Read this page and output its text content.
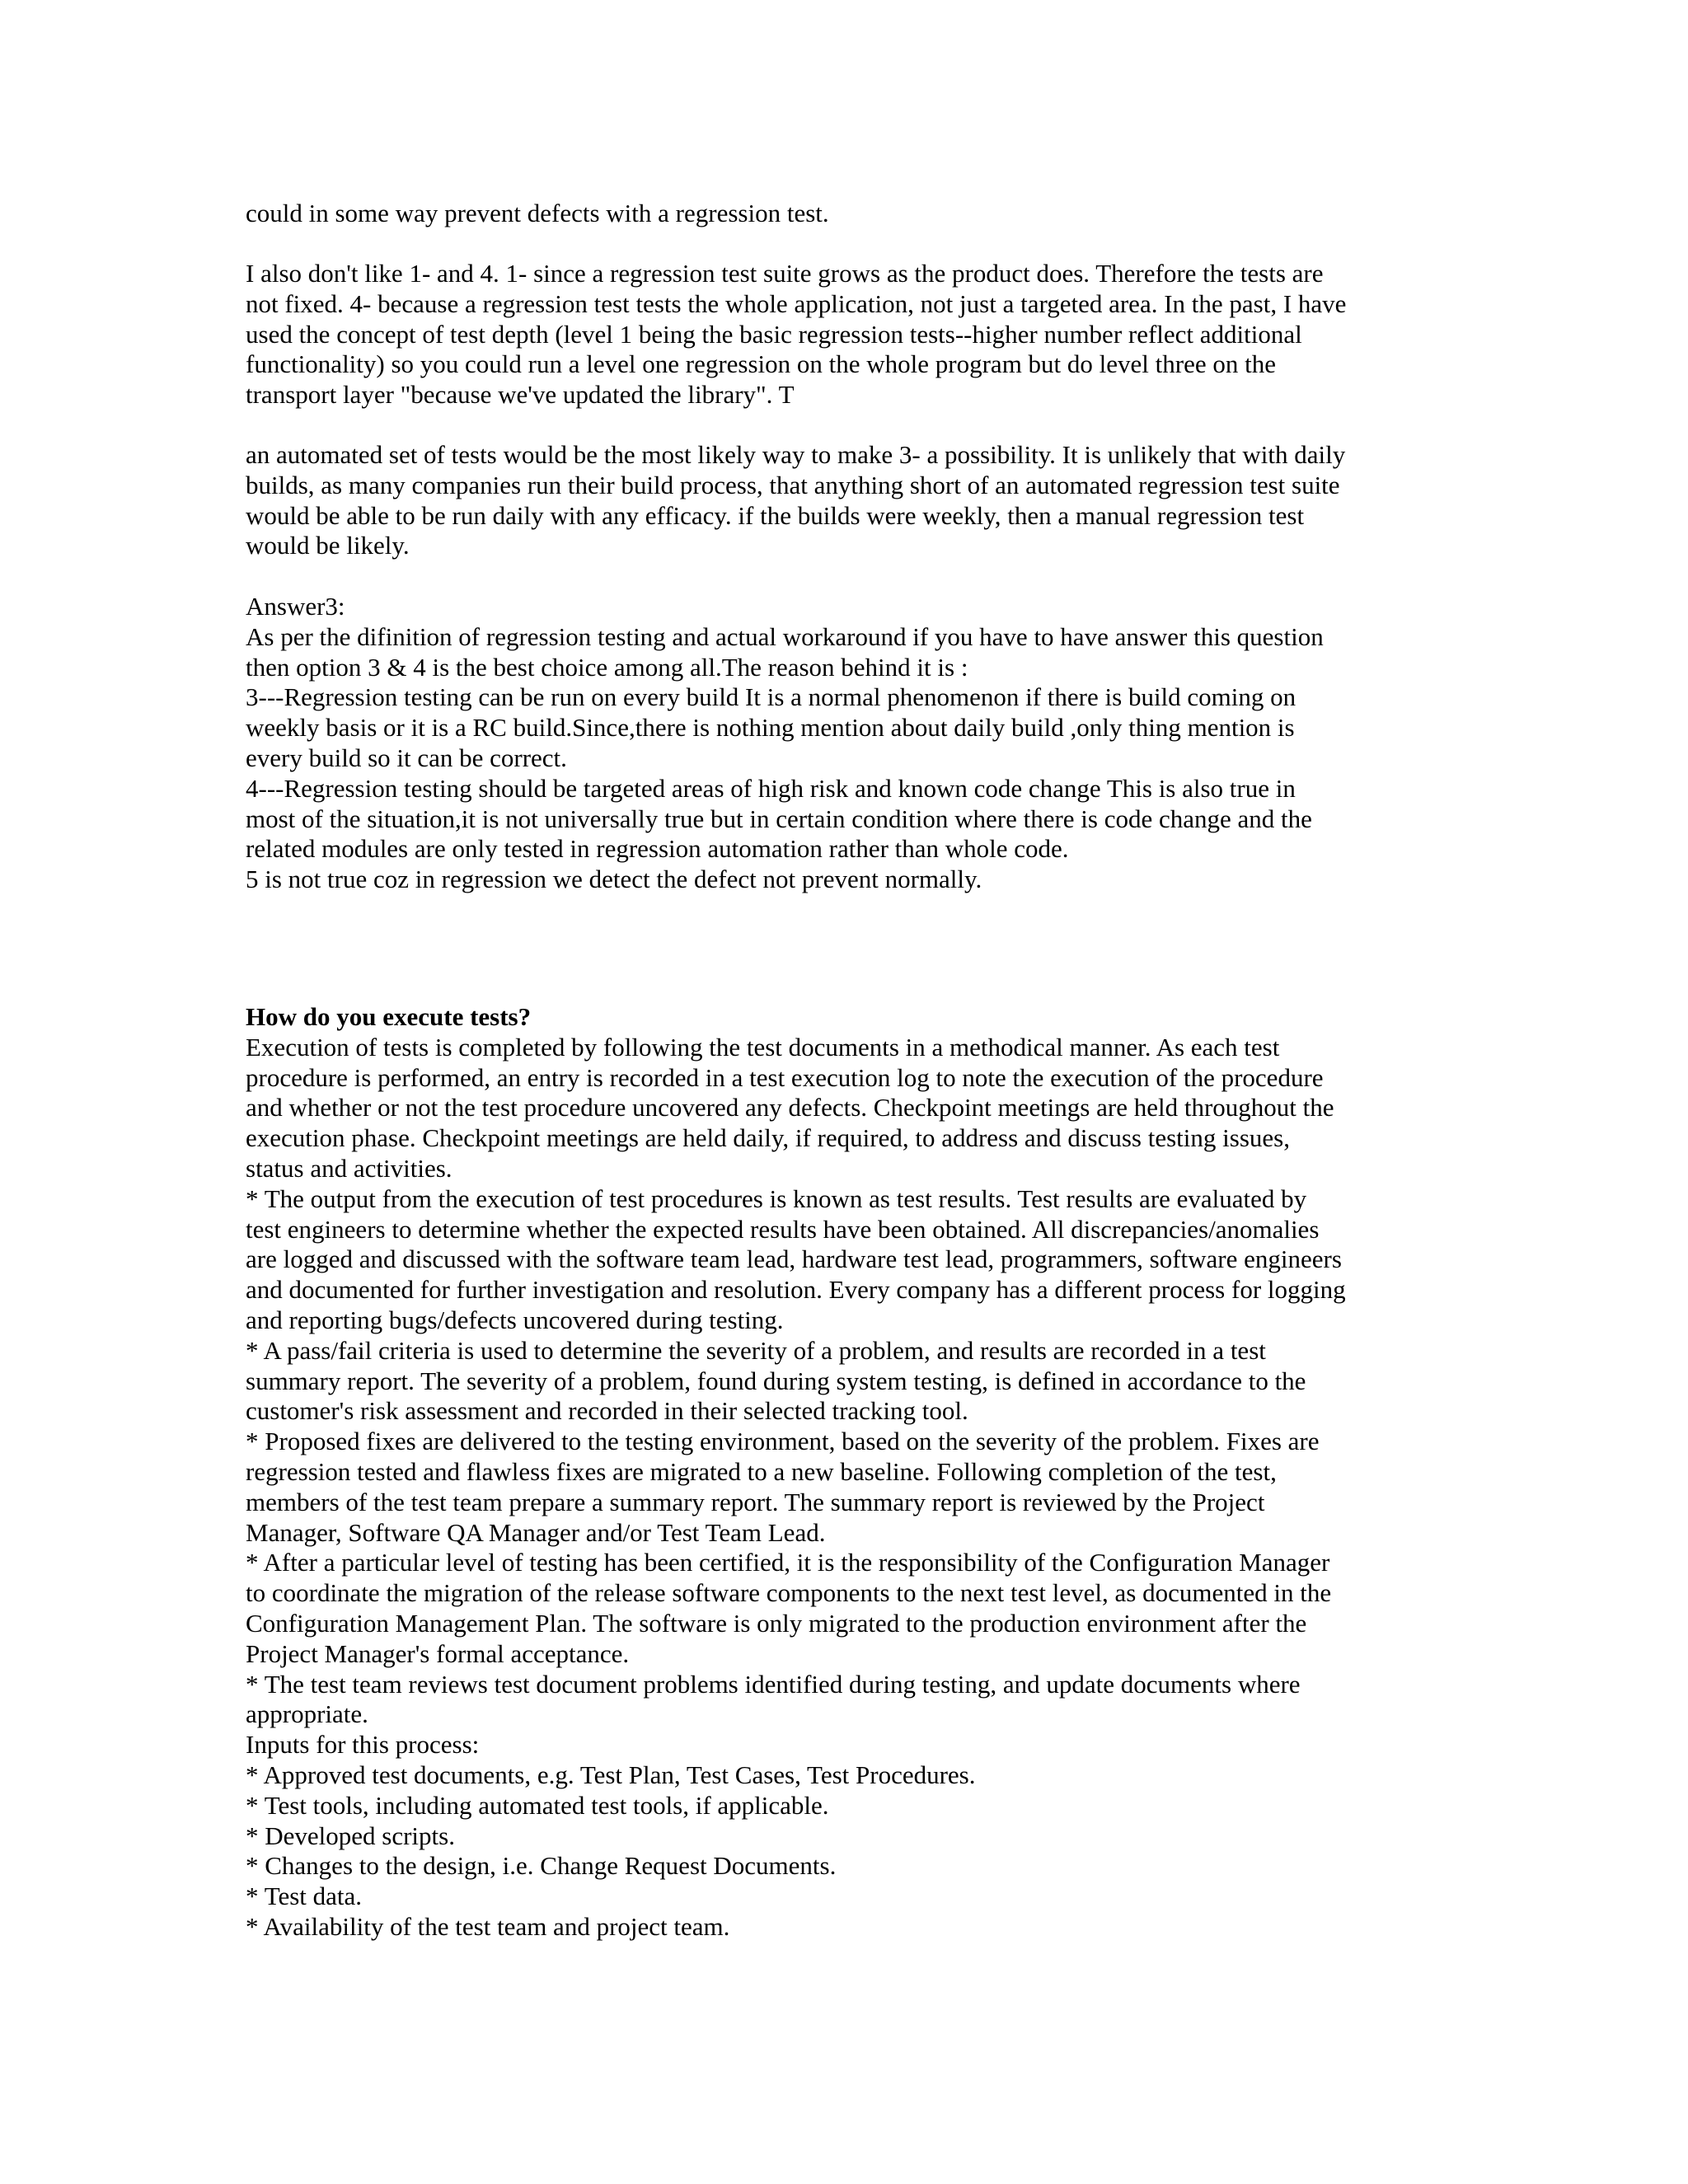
could in some way prevent defects with a regression test.
I also don't like 1- and 4. 1- since a regression test suite grows as the product does. Therefore the tests are
not fixed. 4- because a regression test tests the whole application, not just a targeted area. In the past, I have
used the concept of test depth (level 1 being the basic regression tests--higher number reflect additional
functionality) so you could run a level one regression on the whole program but do level three on the
transport layer "because we've updated the library". T
an automated set of tests would be the most likely way to make 3- a possibility. It is unlikely that with daily
builds, as many companies run their build process, that anything short of an automated regression test suite
would be able to be run daily with any efficacy. if the builds were weekly, then a manual regression test
would be likely.
Answer3:
As per the difinition of regression testing and actual workaround if you have to have answer this question
then option 3 & 4 is the best choice among all.The reason behind it is :
3---Regression testing can be run on every build It is a normal phenomenon if there is build coming on
weekly basis or it is a RC build.Since,there is nothing mention about daily build ,only thing mention is
every build so it can be correct.
4---Regression testing should be targeted areas of high risk and known code change This is also true in
most of the situation,it is not universally true but in certain condition where there is code change and the
related modules are only tested in regression automation rather than whole code.
5 is not true coz in regression we detect the defect not prevent normally.
How do you execute tests?
Execution of tests is completed by following the test documents in a methodical manner. As each test
procedure is performed, an entry is recorded in a test execution log to note the execution of the procedure
and whether or not the test procedure uncovered any defects. Checkpoint meetings are held throughout the
execution phase. Checkpoint meetings are held daily, if required, to address and discuss testing issues,
status and activities.
* The output from the execution of test procedures is known as test results. Test results are evaluated by
test engineers to determine whether the expected results have been obtained. All discrepancies/anomalies
are logged and discussed with the software team lead, hardware test lead, programmers, software engineers
and documented for further investigation and resolution. Every company has a different process for logging
and reporting bugs/defects uncovered during testing.
* A pass/fail criteria is used to determine the severity of a problem, and results are recorded in a test
summary report. The severity of a problem, found during system testing, is defined in accordance to the
customer's risk assessment and recorded in their selected tracking tool.
* Proposed fixes are delivered to the testing environment, based on the severity of the problem. Fixes are
regression tested and flawless fixes are migrated to a new baseline. Following completion of the test,
members of the test team prepare a summary report. The summary report is reviewed by the Project
Manager, Software QA Manager and/or Test Team Lead.
* After a particular level of testing has been certified, it is the responsibility of the Configuration Manager
to coordinate the migration of the release software components to the next test level, as documented in the
Configuration Management Plan. The software is only migrated to the production environment after the
Project Manager's formal acceptance.
* The test team reviews test document problems identified during testing, and update documents where
appropriate.
Inputs for this process:
* Approved test documents, e.g. Test Plan, Test Cases, Test Procedures.
* Test tools, including automated test tools, if applicable.
* Developed scripts.
* Changes to the design, i.e. Change Request Documents.
* Test data.
* Availability of the test team and project team.
